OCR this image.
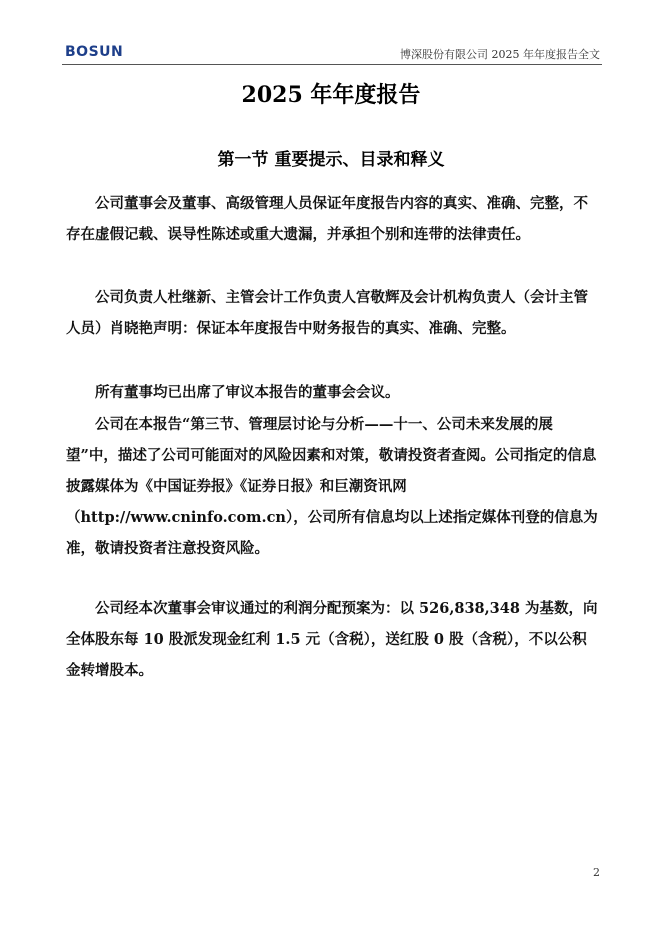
BOSUN	博深股份有限公司 2025 年年度报告全文
2025 年年度报告
第一节 重要提示、目录和释义

公司董事会及董事、高级管理人员保证年度报告内容的真实、准确、完整，不存在虚假记载、误导性陈述或重大遗漏，并承担个别和连带的法律责任。

公司负责人杜继新、主管会计工作负责人宫敬辉及会计机构负责人（会计主管人员）肖晓艳声明：保证本年度报告中财务报告的真实、准确、完整。

所有董事均已出席了审议本报告的董事会会议。

公司在本报告“第三节、管理层讨论与分析——十一、公司未来发展的展望”中，描述了公司可能面对的风险因素和对策，敬请投资者查阅。公司指定的信息披露媒体为《中国证券报》《证券日报》和巨潮资讯网（http://www.cninfo.com.cn），公司所有信息均以上述指定媒体刊登的信息为准，敬请投资者注意投资风险。

公司经本次董事会审议通过的利润分配预案为：以 526,838,348 为基数，向全体股东每 10 股派发现金红利 1.5 元（含税），送红股 0 股（含税），不以公积金转增股本。

2
